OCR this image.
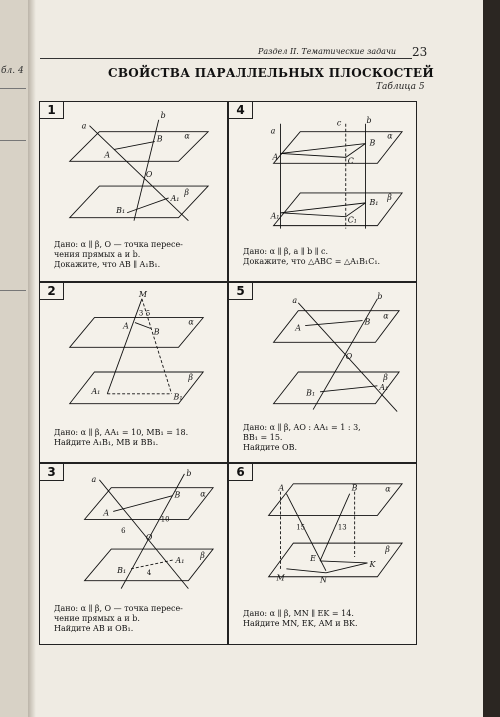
бл. 4
Раздел II. Тематические задачи 23
СВОЙСТВА ПАРАЛЛЕЛЬНЫХ ПЛОСКОСТЕЙ
Таблица 5
a
b
α
β
A
B
O
A₁
B₁
1
Дано: α ∥ β, O — точка пересе-
чения прямых a и b.
Докажите, что AB ∥ A₁B₁.
a
b
c
α
β
A
B
C
A₁
B₁
C₁
4
Дано: α ∥ β, a ∥ b ∥ c.
Докажите, что △ABC = △A₁B₁C₁.
M
3 5
A
B
α
β
A₁
B₁
2
Дано: α ∥ β, AA₁ = 10, MB₁ = 18.
Найдите A₁B₁, MB и BB₁.
a	b
α
β
A
B
O
A₁
B₁
5
Дано: α ∥ β, AO : AA₁ = 1 : 3,
BB₁ = 15.
Найдите OB.
a
b
α
β
A
B
10
6
O
A₁
4
B₁
3
Дано: α ∥ β, O — точка пересе-
чение прямых a и b.
Найдите AB и OB₁.
A	B	α
β
15	13
M	N
E
K
6
Дано: α ∥ β, MN ∥ EK = 14.
Найдите MN, EK, AM и BK.
